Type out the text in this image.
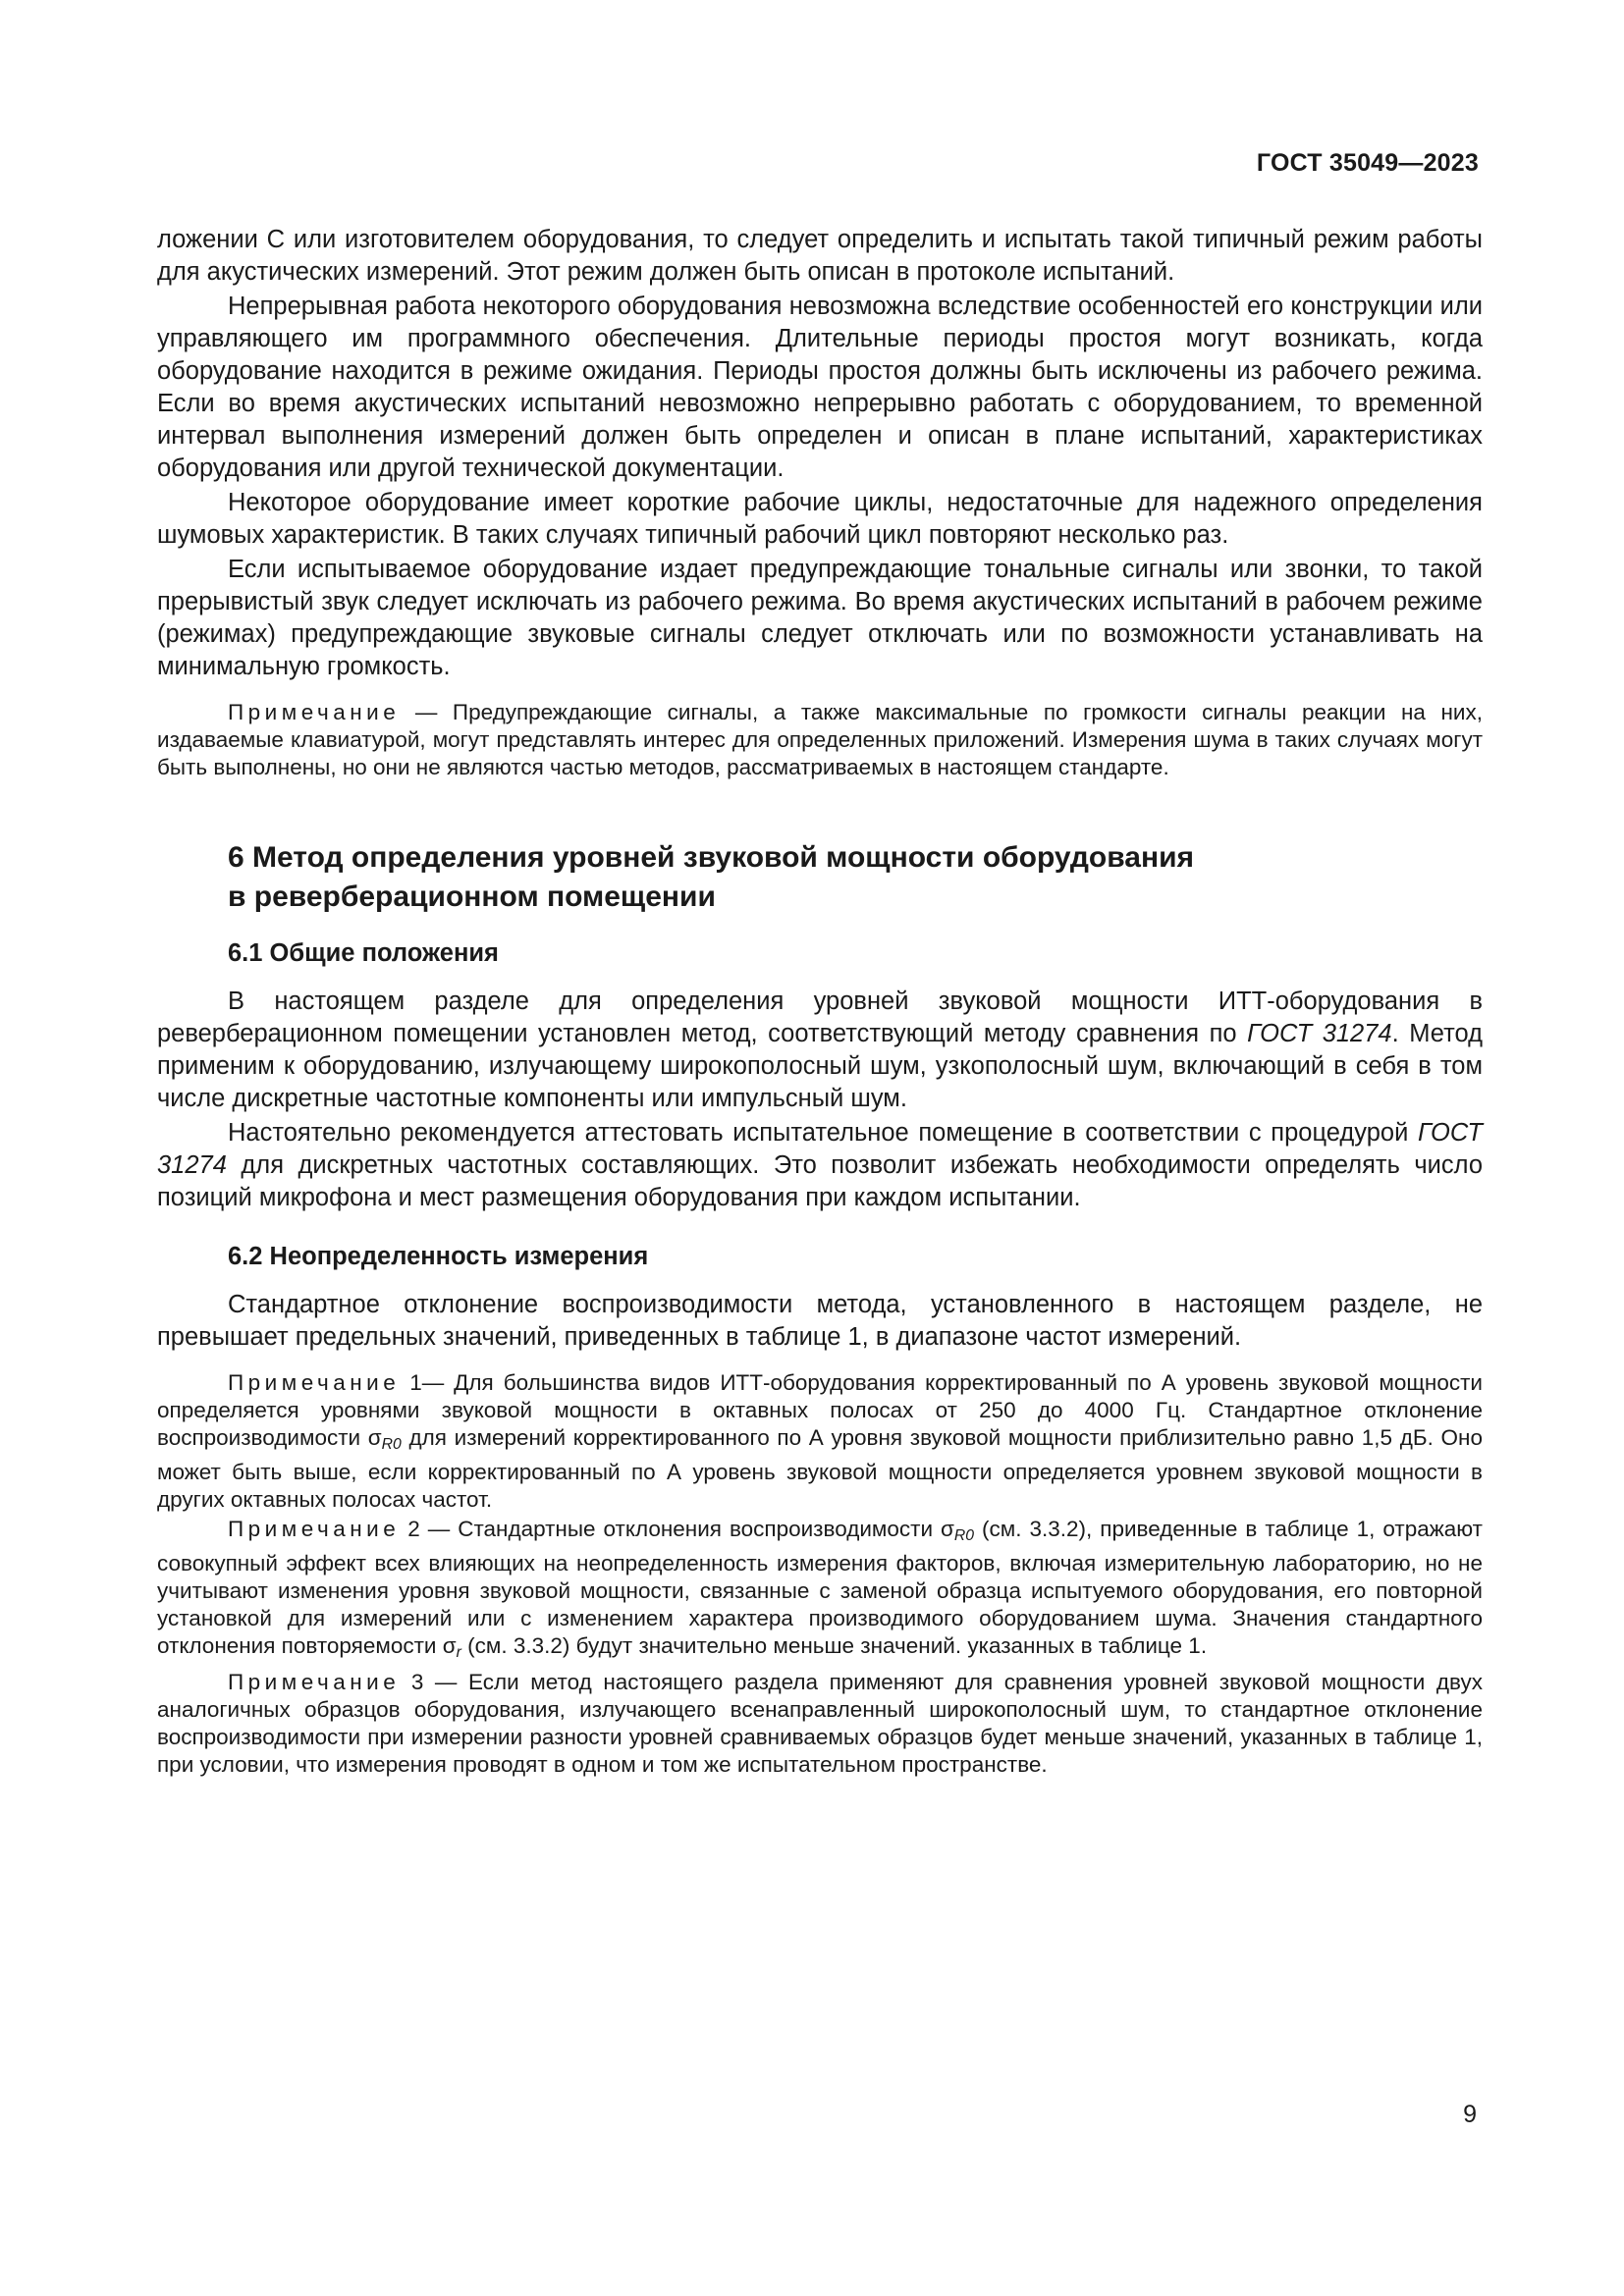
ГОСТ 35049—2023

ложении С или изготовителем оборудования, то следует определить и испытать такой типичный режим работы для акустических измерений. Этот режим должен быть описан в протоколе испытаний.

Непрерывная работа некоторого оборудования невозможна вследствие особенностей его конструкции или управляющего им программного обеспечения. Длительные периоды простоя могут возникать, когда оборудование находится в режиме ожидания. Периоды простоя должны быть исключены из рабочего режима. Если во время акустических испытаний невозможно непрерывно работать с оборудованием, то временной интервал выполнения измерений должен быть определен и описан в плане испытаний, характеристиках оборудования или другой технической документации.

Некоторое оборудование имеет короткие рабочие циклы, недостаточные для надежного определения шумовых характеристик. В таких случаях типичный рабочий цикл повторяют несколько раз.

Если испытываемое оборудование издает предупреждающие тональные сигналы или звонки, то такой прерывистый звук следует исключать из рабочего режима. Во время акустических испытаний в рабочем режиме (режимах) предупреждающие звуковые сигналы следует отключать или по возможности устанавливать на минимальную громкость.

Примечание — Предупреждающие сигналы, а также максимальные по громкости сигналы реакции на них, издаваемые клавиатурой, могут представлять интерес для определенных приложений. Измерения шума в таких случаях могут быть выполнены, но они не являются частью методов, рассматриваемых в настоящем стандарте.

6 Метод определения уровней звуковой мощности оборудования
в реверберационном помещении
6.1 Общие положения

В настоящем разделе для определения уровней звуковой мощности ИТТ-оборудования в реверберационном помещении установлен метод, соответствующий методу сравнения по ГОСТ 31274. Метод применим к оборудованию, излучающему широкополосный шум, узкополосный шум, включающий в себя в том числе дискретные частотные компоненты или импульсный шум.

Настоятельно рекомендуется аттестовать испытательное помещение в соответствии с процедурой ГОСТ 31274 для дискретных частотных составляющих. Это позволит избежать необходимости определять число позиций микрофона и мест размещения оборудования при каждом испытании.

6.2 Неопределенность измерения

Стандартное отклонение воспроизводимости метода, установленного в настоящем разделе, не превышает предельных значений, приведенных в таблице 1, в диапазоне частот измерений.

Примечание 1— Для большинства видов ИТТ-оборудования корректированный по А уровень звуковой мощности определяется уровнями звуковой мощности в октавных полосах от 250 до 4000 Гц. Стандартное отклонение воспроизводимости $\sigma_{R0}$ для измерений корректированного по А уровня звуковой мощности приблизительно равно 1,5 дБ. Оно может быть выше, если корректированный по А уровень звуковой мощности определяется уровнем звуковой мощности в других октавных полосах частот.

Примечание 2 — Стандартные отклонения воспроизводимости $\sigma_{R0}$ (см. 3.3.2), приведенные в таблице 1, отражают совокупный эффект всех влияющих на неопределенность измерения факторов, включая измерительную лабораторию, но не учитывают изменения уровня звуковой мощности, связанные с заменой образца испытуемого оборудования, его повторной установкой для измерений или с изменением характера производимого оборудованием шума. Значения стандартного отклонения повторяемости $\sigma_r$ (см. 3.3.2) будут значительно меньше значений. указанных в таблице 1.

Примечание 3 — Если метод настоящего раздела применяют для сравнения уровней звуковой мощности двух аналогичных образцов оборудования, излучающего всенаправленный широкополосный шум, то стандартное отклонение воспроизводимости при измерении разности уровней сравниваемых образцов будет меньше значений, указанных в таблице 1, при условии, что измерения проводят в одном и том же испытательном пространстве.

9
